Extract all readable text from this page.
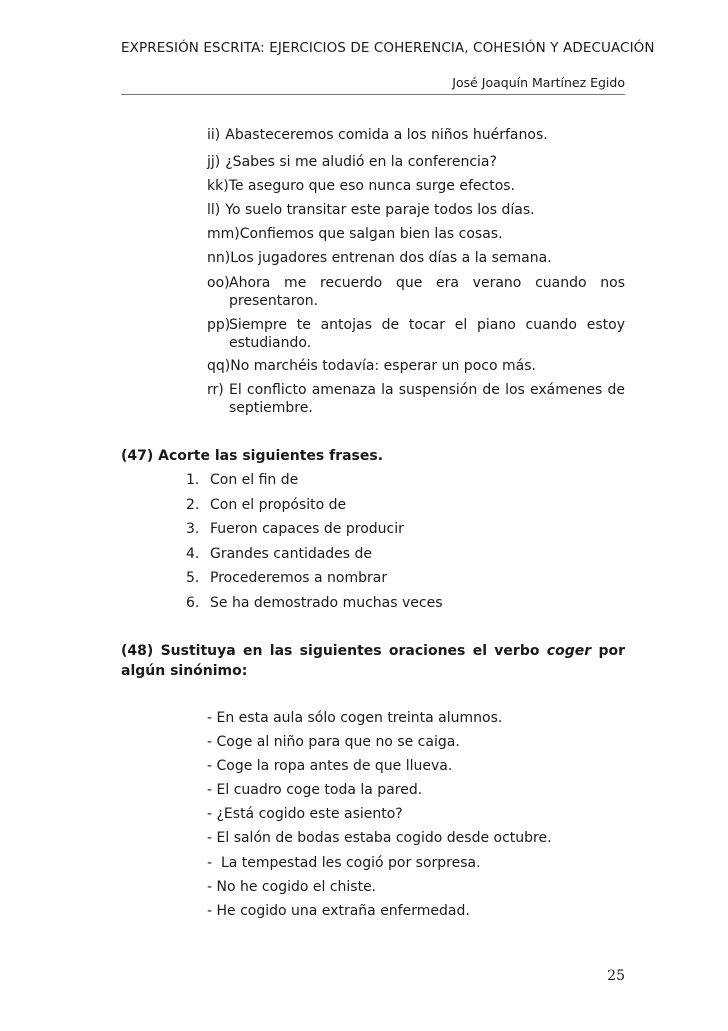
EXPRESIÓN ESCRITA: EJERCICIOS DE COHERENCIA, COHESIÓN Y ADECUACIÓN
José Joaquín Martínez Egido
ii) Abasteceremos comida a los niños huérfanos.
jj) ¿Sabes si me aludió en la conferencia?
kk) Te aseguro que eso nunca surge efectos.
ll) Yo suelo transitar este paraje todos los días.
mm) Confiemos que salgan bien las cosas.
nn) Los jugadores entrenan dos días a la semana.
oo) Ahora me recuerdo que era verano cuando nos presentaron.
pp)
Siempre te antojas de tocar el piano cuando estoy estudiando.
qq) No marchéis todavía: esperar un poco más.
rr) El conflicto amenaza la suspensión de los exámenes de septiembre.
(47) Acorte las siguientes frases.
1. Con el fin de
2. Con el propósito de
3. Fueron capaces de producir
4. Grandes cantidades de
5. Procederemos a nombrar
6. Se ha demostrado muchas veces
(48) Sustituya en las siguientes oraciones el verbo coger por algún sinónimo:
- En esta aula sólo cogen treinta alumnos.
- Coge al niño para que no se caiga.
- Coge la ropa antes de que llueva.
- El cuadro coge toda la pared.
- ¿Está cogido este asiento?
- El salón de bodas estaba cogido desde octubre.
-  La tempestad les cogió por sorpresa.
- No he cogido el chiste.
- He cogido una extraña enfermedad.
25
